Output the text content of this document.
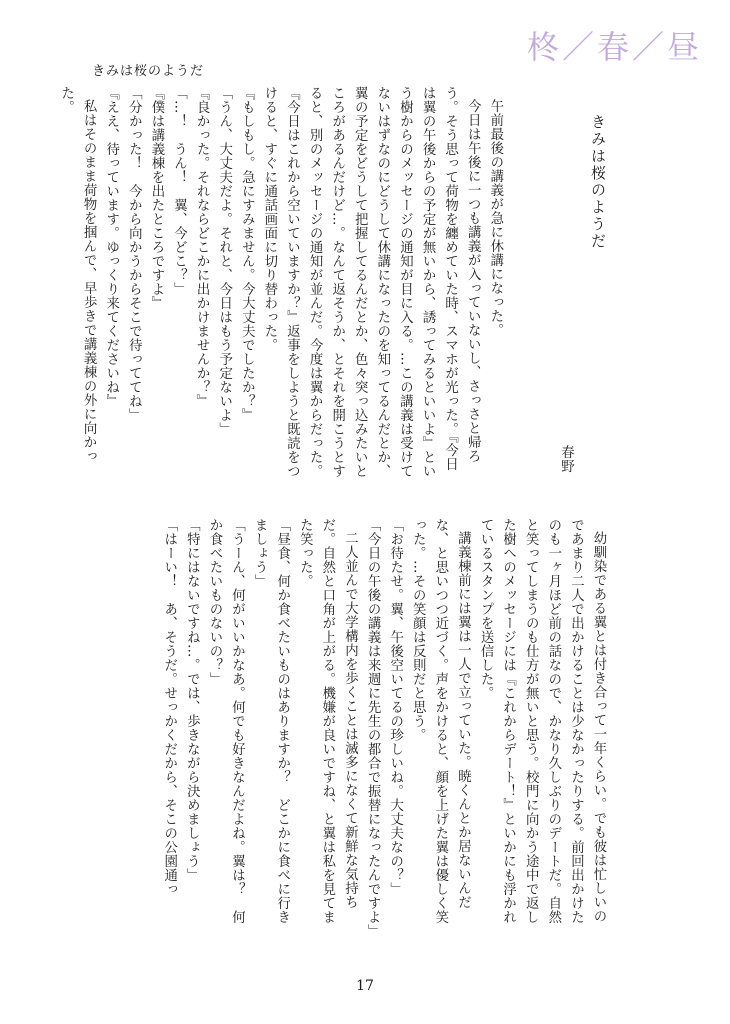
きみは桜のようだ
柊／春／昼
きみは桜のようだ
春野

午前最後の講義が急に休講になった。

今日は午後に一つも講義が入っていないし、さっさと帰ろう。そう思って荷物を纏めていた時、スマホが光った。『今日は翼の午後からの予定が無いから、誘ってみるといいよ』という樹からのメッセージの通知が目に入る。…この講義は受けてないはずなのにどうして休講になったのを知ってるんだとか、翼の予定をどうして把握してるんだとか、色々突っ込みたいところがあるんだけど…。なんて返そうか、とそれを開こうとすると、別のメッセージの通知が並んだ。今度は翼からだった。『今日はこれから空いていますか？』返事をしようと既読をつけると、すぐに通話画面に切り替わった。

『もしもし。急にすみません。今大丈夫でしたか？』

「うん、大丈夫だよ。それと、今日はもう予定ないよ」

『良かった。それならどこかに出かけませんか？』

「…！　うん！　翼、今どこ？」

『僕は講義棟を出たところですよ』

「分かった！　今から向かうからそこで待っててね」

『ええ、待っています。ゆっくり来てくださいね』

私はそのまま荷物を掴んで、早歩きで講義棟の外に向かった。

幼馴染である翼とは付き合って一年くらい。でも彼は忙しいのであまり二人で出かけることは少なかったりする。前回出かけたのも一ヶ月ほど前の話なので、かなり久しぶりのデートだ。自然と笑ってしまうのも仕方が無いと思う。校門に向かう途中で返した樹へのメッセージには『これからデート！』といかにも浮かれているスタンプを送信した。

講義棟前には翼は一人で立っていた。暁くんとか居ないんだな、と思いつつ近づく。声をかけると、顔を上げた翼は優しく笑った。…その笑顔は反則だと思う。

「お待たせ。翼、午後空いてるの珍しいね。大丈夫なの？」

「今日の午後の講義は来週に先生の都合で振替になったんですよ」

二人並んで大学構内を歩くことは滅多になくて新鮮な気持ちだ。自然と口角が上がる。機嫌が良いですね、と翼は私を見てまた笑った。

「昼食、何か食べたいものはありますか？　どこかに食べに行きましょう」

「うーん、何がいいかなあ。何でも好きなんだよね。翼は？　何か食べたいものないの？」

「特にはないですね…。では、歩きながら決めましょう」

「はーい！　あ、そうだ。せっかくだから、そこの公園通っ

17
